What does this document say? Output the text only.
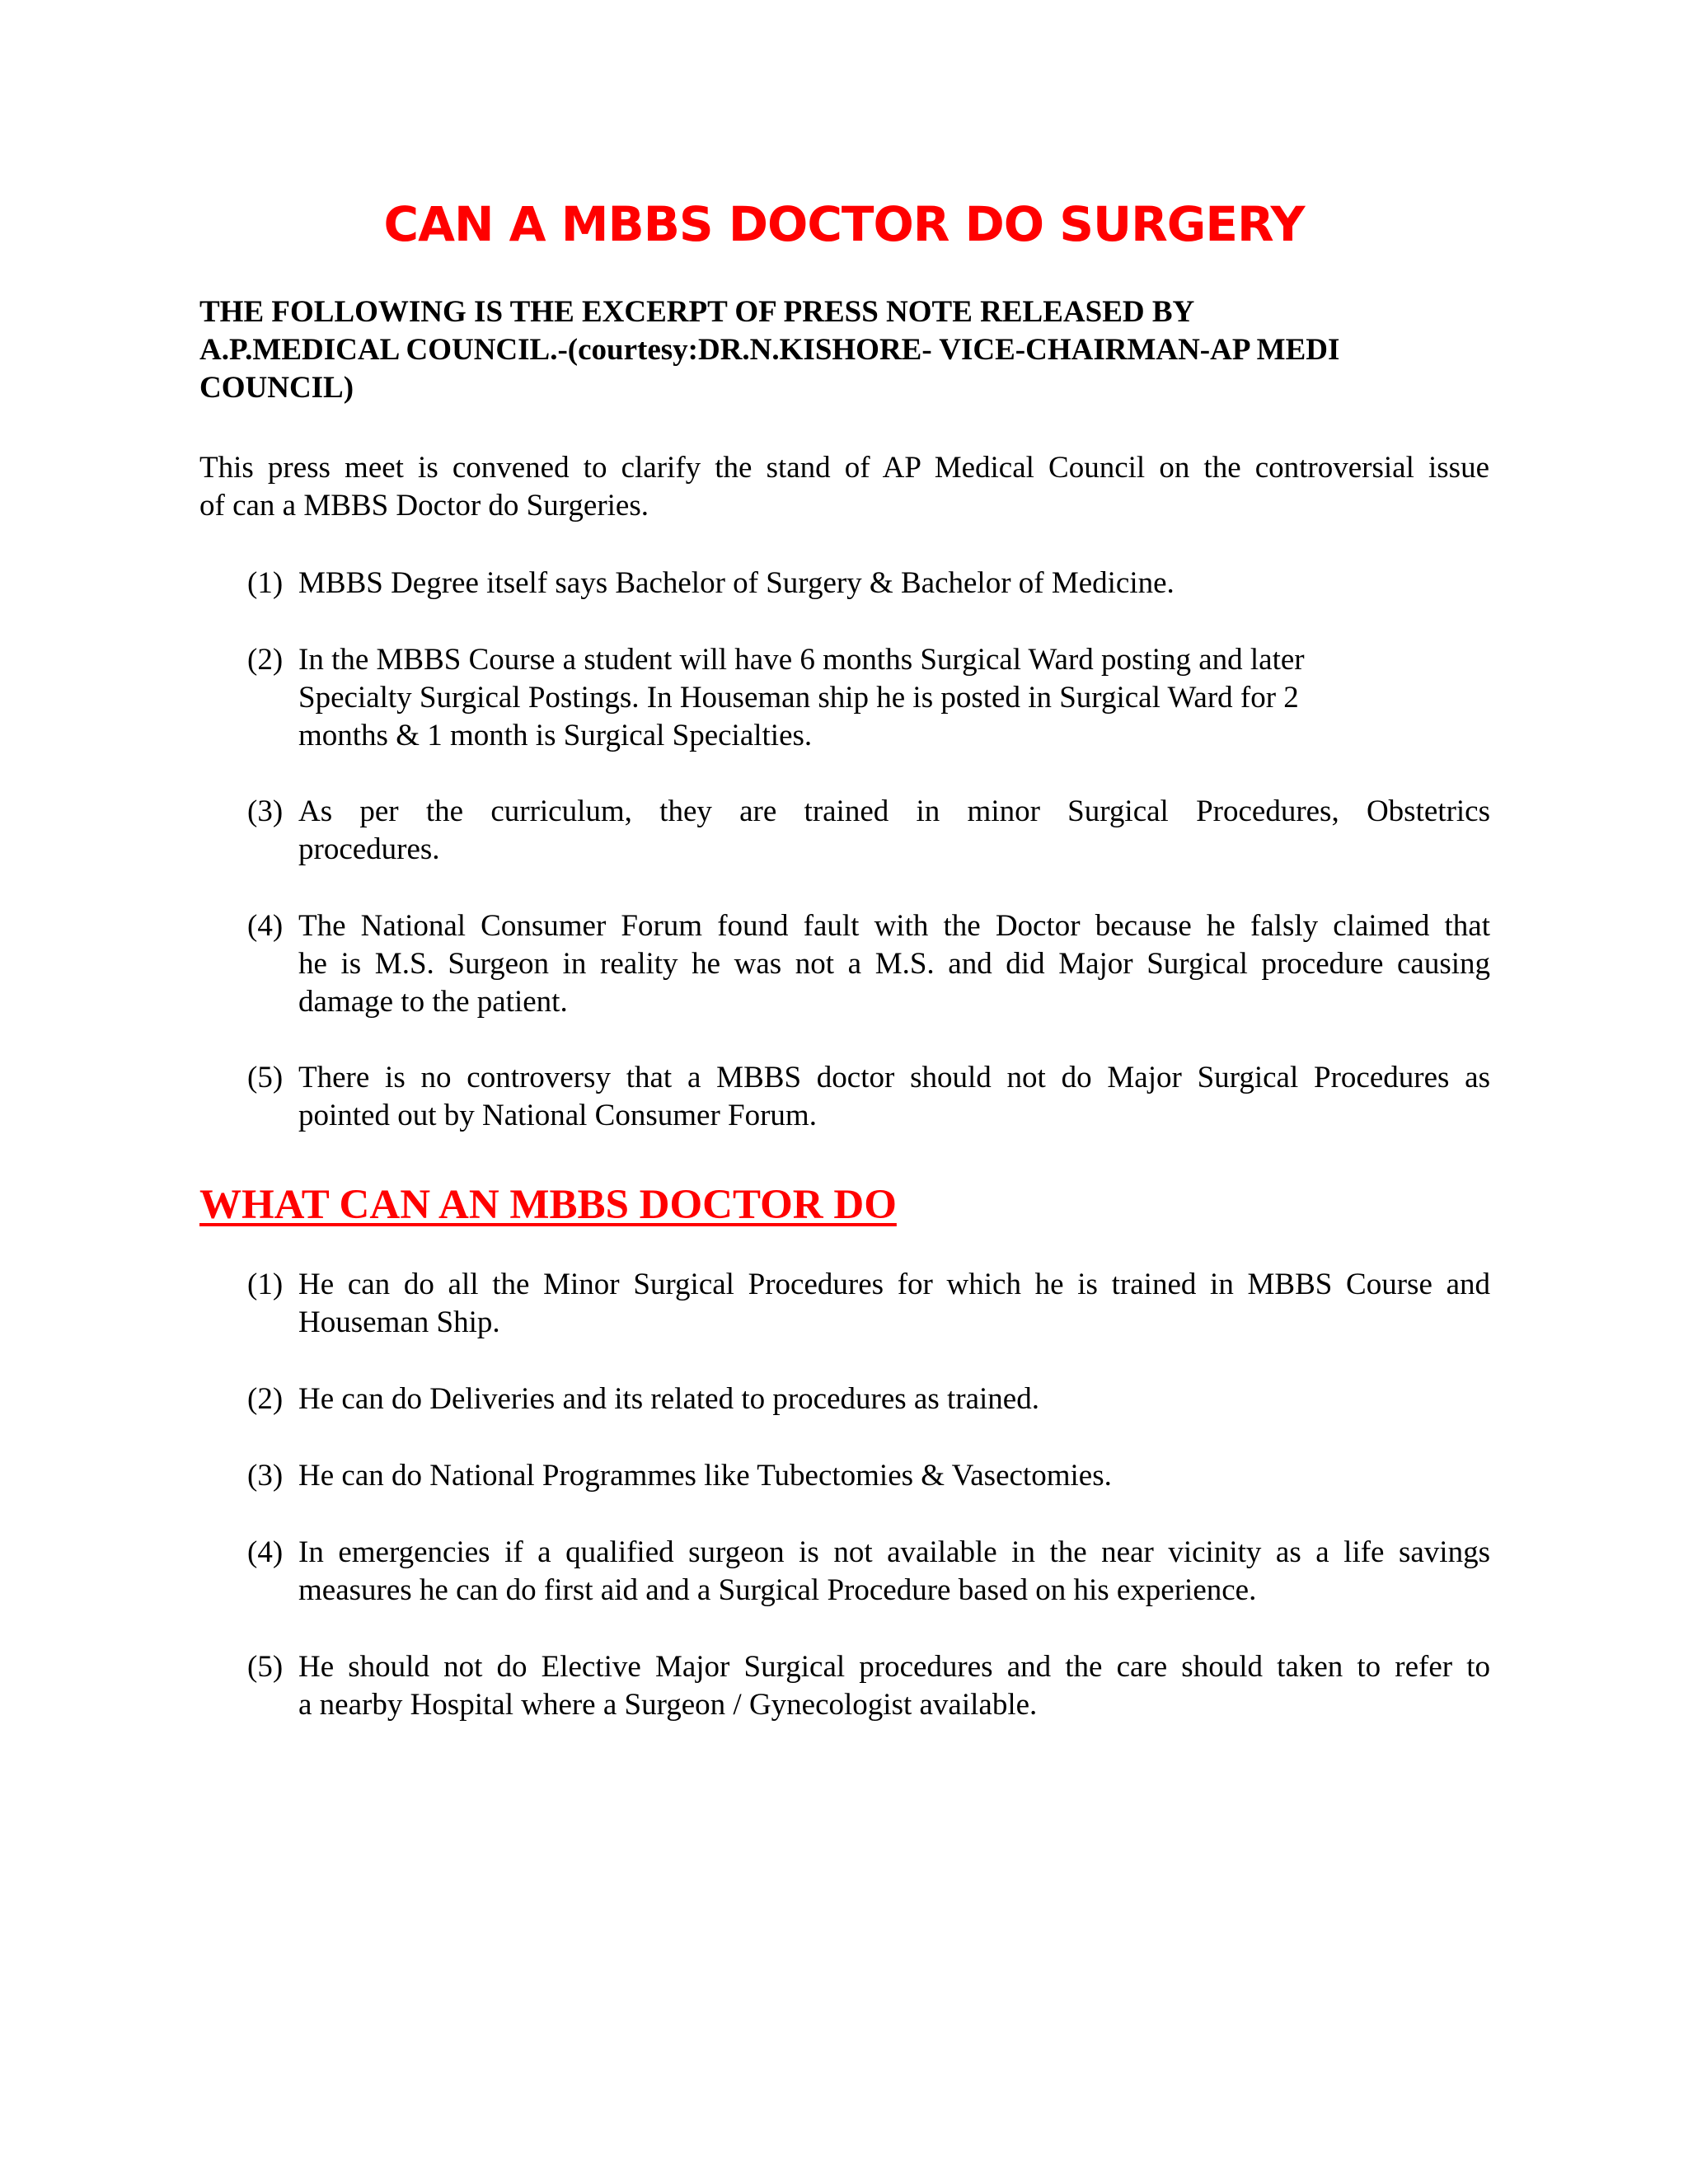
CAN A MBBS DOCTOR DO SURGERY
THE FOLLOWING IS THE EXCERPT OF PRESS NOTE RELEASED BY
A.P.MEDICAL COUNCIL.-(courtesy:DR.N.KISHORE- VICE-CHAIRMAN-AP MEDI
COUNCIL)
This press meet is convened to clarify the stand of AP Medical Council on the controversial issue
of can a MBBS Doctor do Surgeries.
(1) MBBS Degree itself says Bachelor of Surgery & Bachelor of Medicine.
(2) In the MBBS Course a student will have 6 months Surgical Ward posting and later
Specialty Surgical Postings. In Houseman ship he is posted in Surgical Ward for 2
months & 1 month is Surgical Specialties.
(3) As per the curriculum, they are trained in minor Surgical Procedures, Obstetrics
procedures.
(4) The National Consumer Forum found fault with the Doctor because he falsly claimed that
he is M.S. Surgeon in reality he was not a M.S. and did Major Surgical procedure causing
damage to the patient.
(5) There is no controversy that a MBBS doctor should not do Major Surgical Procedures as
pointed out by National Consumer Forum.
WHAT CAN AN MBBS DOCTOR DO
(1) He can do all the Minor Surgical Procedures for which he is trained in MBBS Course and
Houseman Ship.
(2) He can do Deliveries and its related to procedures as trained.
(3) He can do National Programmes like Tubectomies & Vasectomies.
(4) In emergencies if a qualified surgeon is not available in the near vicinity as a life savings
measures he can do first aid and a Surgical Procedure based on his experience.
(5) He should not do Elective Major Surgical procedures and the care should taken to refer to
a nearby Hospital where a Surgeon / Gynecologist available.
